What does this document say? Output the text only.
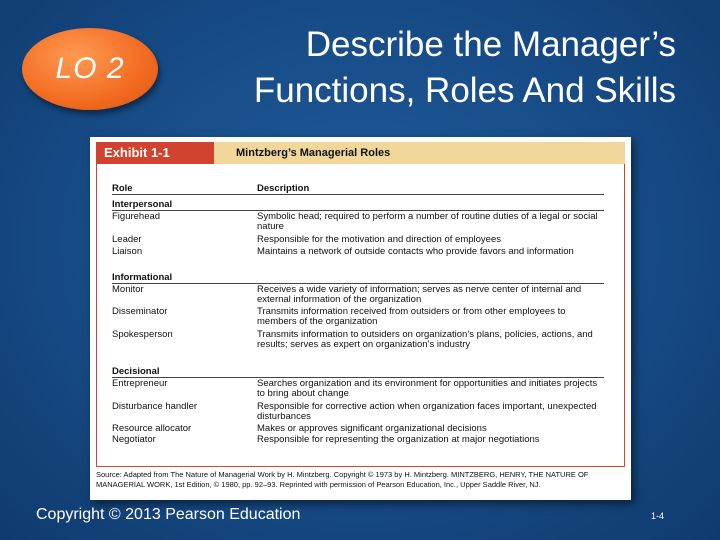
LO 2
Describe the Manager’s
Functions, Roles And Skills
Exhibit 1-1	Mintzberg’s Managerial Roles
Role	Description
Interpersonal
Figurehead	Symbolic head; required to perform a number of routine duties of a legal or social nature
Leader	Responsible for the motivation and direction of employees
Liaison	Maintains a network of outside contacts who provide favors and information
Informational
Monitor	Receives a wide variety of information; serves as nerve center of internal and external information of the organization
Disseminator	Transmits information received from outsiders or from other employees to members of the organization
Spokesperson	Transmits information to outsiders on organization’s plans, policies, actions, and results; serves as expert on organization’s industry
Decisional
Entrepreneur	Searches organization and its environment for opportunities and initiates projects to bring about change
Disturbance handler	Responsible for corrective action when organization faces important, unexpected disturbances
Resource allocator	Makes or approves significant organizational decisions
Negotiator	Responsible for representing the organization at major negotiations
Source: Adapted from The Nature of Managerial Work by H. Mintzberg. Copyright © 1973 by H. Mintzberg. MINTZBERG, HENRY, THE NATURE OF MANAGERIAL WORK, 1st Edition, © 1980, pp. 92–93. Reprinted with permission of Pearson Education, Inc., Upper Saddle River, NJ.
Copyright © 2013 Pearson Education	1-4
